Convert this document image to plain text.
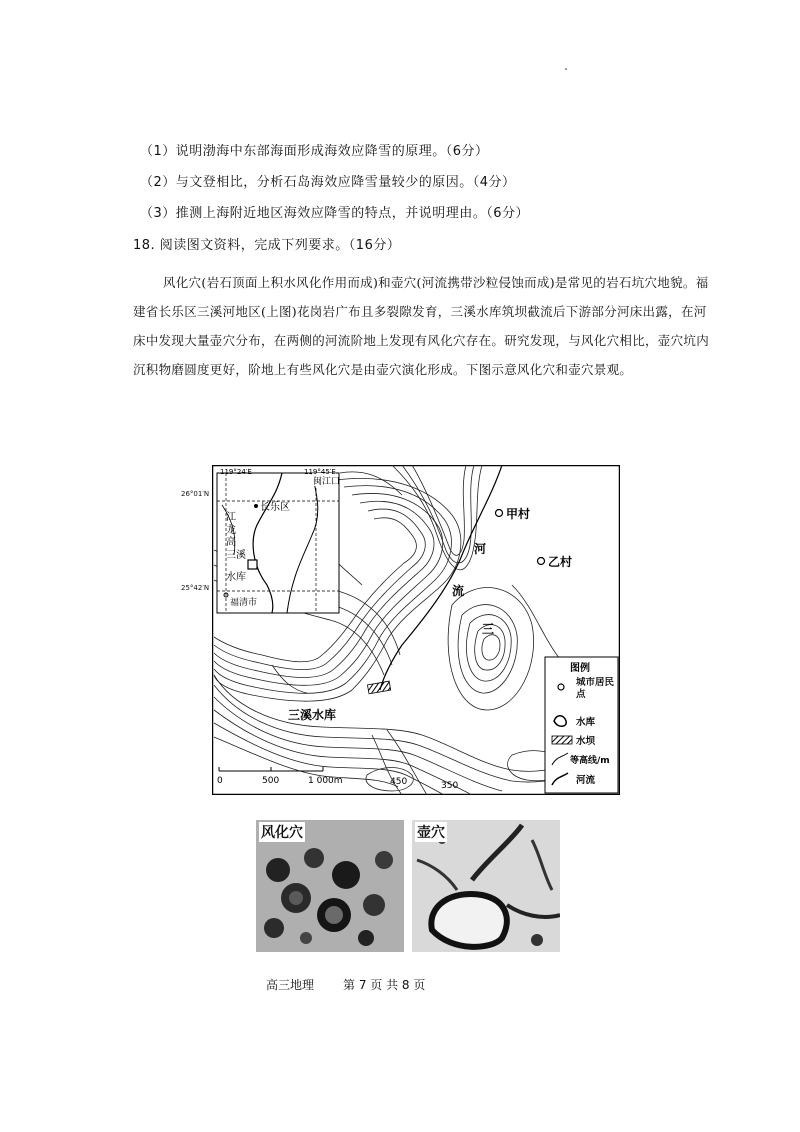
（1）说明渤海中东部海面形成海效应降雪的原理。（6分）
（2）与文登相比，分析石岛海效应降雪量较少的原因。（4分）
（3）推测上海附近地区海效应降雪的特点，并说明理由。（6分）
18. 阅读图文资料，完成下列要求。（16分）

风化穴(岩石顶面上积水风化作用而成)和壶穴(河流携带沙粒侵蚀而成)是常见的岩石坑穴地貌。福建省长乐区三溪河地区(上图)花岗岩广布且多裂隙发育，三溪水库筑坝截流后下游部分河床出露，在河床中发现大量壶穴分布，在两侧的河流阶地上发现有风化穴存在。研究发现，与风化穴相比，壶穴坑内沉积物磨圆度更好，阶地上有些风化穴是由壶穴演化形成。下图示意风化穴和壶穴景观。

闽江口
长乐区
江
龙
高
三溪
水库
福清市
119°24′E	119°45′E
甲村
乙村
河
流
三
三溪水库
450	350
0	500	1 000m
图例
城市居民点
水库
水坝
等高线/m
河流
26°01′N
25°42′N
风化穴	壶穴
高三地理 第 7 页 共 8 页
